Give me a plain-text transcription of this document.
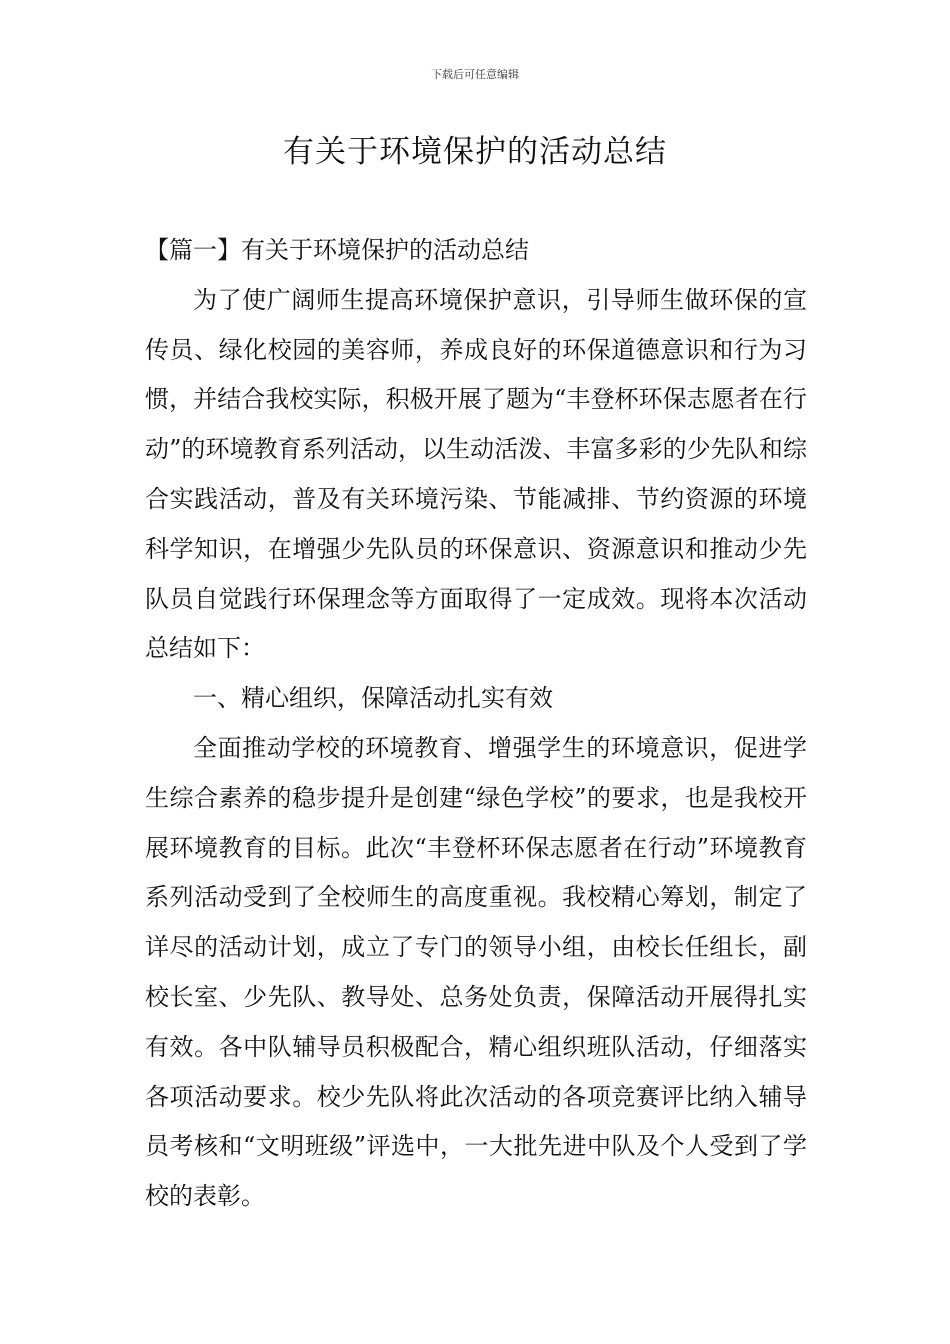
下载后可任意编辑
有关于环境保护的活动总结

【篇一】有关于环境保护的活动总结

为了使广阔师生提高环境保护意识，引导师生做环保的宣传员、绿化校园的美容师，养成良好的环保道德意识和行为习惯，并结合我校实际，积极开展了题为“丰登杯环保志愿者在行动”的环境教育系列活动，以生动活泼、丰富多彩的少先队和综合实践活动，普及有关环境污染、节能减排、节约资源的环境科学知识，在增强少先队员的环保意识、资源意识和推动少先队员自觉践行环保理念等方面取得了一定成效。现将本次活动总结如下：

一、精心组织，保障活动扎实有效

全面推动学校的环境教育、增强学生的环境意识，促进学生综合素养的稳步提升是创建“绿色学校”的要求，也是我校开展环境教育的目标。此次“丰登杯环保志愿者在行动”环境教育系列活动受到了全校师生的高度重视。我校精心筹划，制定了详尽的活动计划，成立了专门的领导小组，由校长任组长，副校长室、少先队、教导处、总务处负责，保障活动开展得扎实有效。各中队辅导员积极配合，精心组织班队活动，仔细落实各项活动要求。校少先队将此次活动的各项竞赛评比纳入辅导员考核和“文明班级”评选中，一大批先进中队及个人受到了学校的表彰。
